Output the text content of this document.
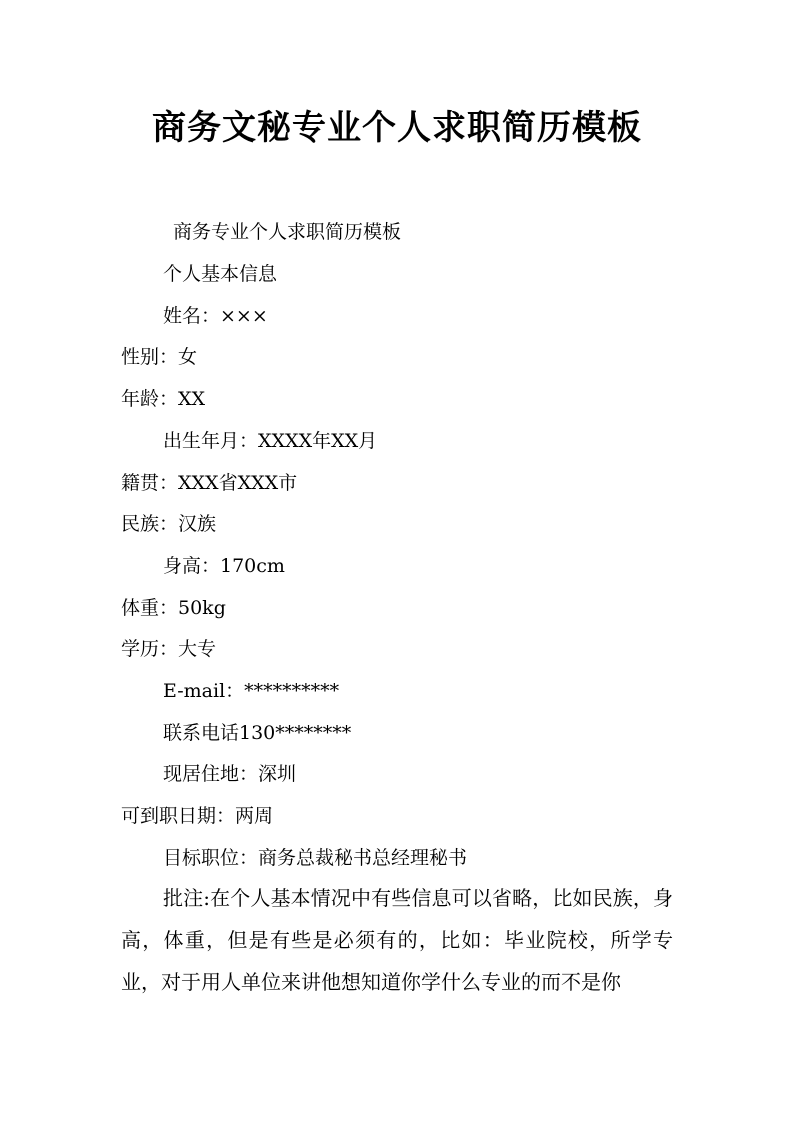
商务文秘专业个人求职简历模板
商务专业个人求职简历模板
个人基本信息
姓名：×××
性别：女
年龄：XX
出生年月：XXXX年XX月
籍贯：XXX省XXX市
民族：汉族
身高：170cm
体重：50kg
学历：大专
E-mail：**********
联系电话130********
现居住地：深圳
可到职日期：两周
目标职位：商务总裁秘书总经理秘书
批注:在个人基本情况中有些信息可以省略，比如民族，身高，体重，但是有些是必须有的，比如：毕业院校，所学专业，对于用人单位来讲他想知道你学什么专业的而不是你
